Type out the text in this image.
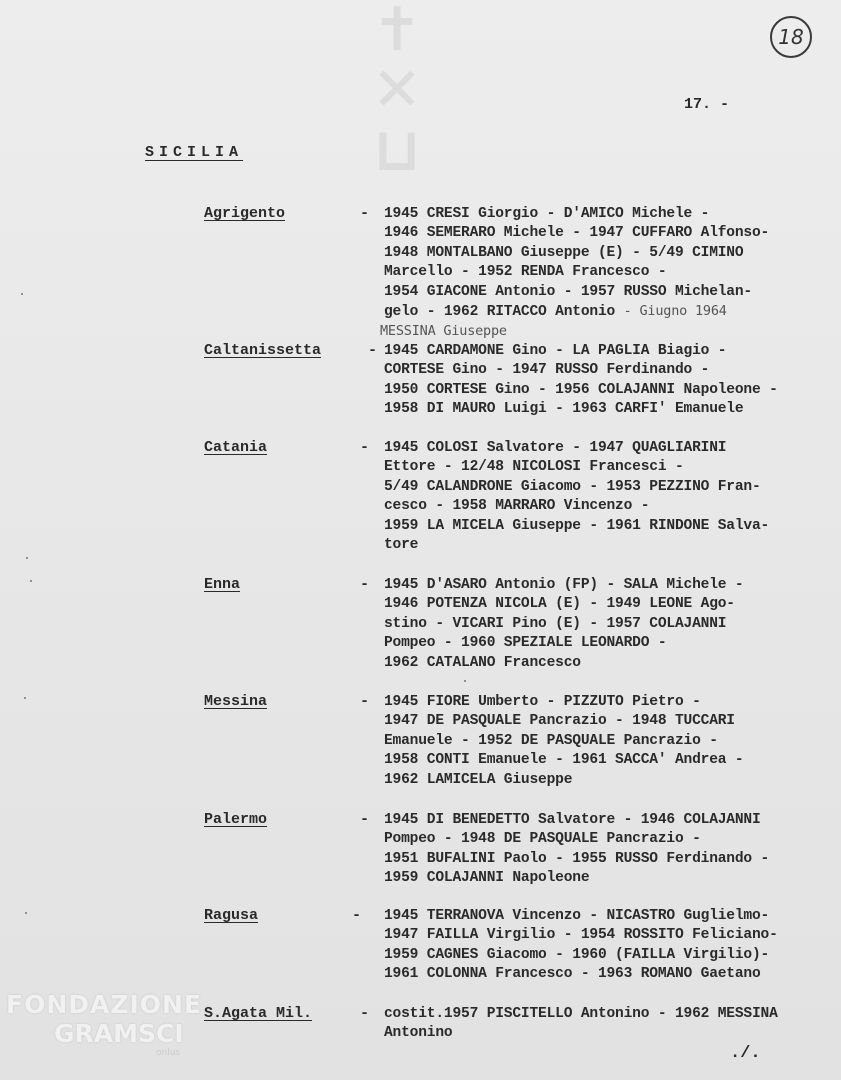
✝
✕
⊔
18
17. -
SICILIA
Agrigento	- 1945 CRESI Giorgio - D'AMICO Michele -
1946 SEMERARO Michele - 1947 CUFFARO Alfonso-
1948 MONTALBANO Giuseppe (E) - 5/49 CIMINO
Marcello - 1952 RENDA Francesco -
1954 GIACONE Antonio - 1957 RUSSO Michelan-
gelo - 1962 RITACCO Antonio - Giugno 1964
MESSINA Giuseppe
Caltanissetta	- 1945 CARDAMONE Gino - LA PAGLIA Biagio -
CORTESE Gino - 1947 RUSSO Ferdinando -
1950 CORTESE Gino - 1956 COLAJANNI Napoleone -
1958 DI MAURO Luigi - 1963 CARFI' Emanuele
Catania	- 1945 COLOSI Salvatore - 1947 QUAGLIARINI
Ettore - 12/48 NICOLOSI Francesci -
5/49 CALANDRONE Giacomo - 1953 PEZZINO Fran-
cesco - 1958 MARRARO Vincenzo -
1959 LA MICELA Giuseppe - 1961 RINDONE Salva-
tore
Enna	- 1945 D'ASARO Antonio (FP) - SALA Michele -
1946 POTENZA NICOLA (E) - 1949 LEONE Ago-
stino - VICARI Pino (E) - 1957 COLAJANNI
Pompeo - 1960 SPEZIALE LEONARDO -
1962 CATALANO Francesco
Messina	- 1945 FIORE Umberto - PIZZUTO Pietro -
1947 DE PASQUALE Pancrazio - 1948 TUCCARI
Emanuele - 1952 DE PASQUALE Pancrazio -
1958 CONTI Emanuele - 1961 SACCA' Andrea -
1962 LAMICELA Giuseppe
Palermo	- 1945 DI BENEDETTO Salvatore - 1946 COLAJANNI
Pompeo - 1948 DE PASQUALE Pancrazio -
1951 BUFALINI Paolo - 1955 RUSSO Ferdinando -
1959 COLAJANNI Napoleone
Ragusa	- 1945 TERRANOVA Vincenzo - NICASTRO Guglielmo-
1947 FAILLA Virgilio - 1954 ROSSITO Feliciano-
1959 CAGNES Giacomo - 1960 (FAILLA Virgilio)-
1961 COLONNA Francesco - 1963 ROMANO Gaetano
S.Agata Mil.	- costit.1957 PISCITELLO Antonino - 1962 MESSINA
Antonino
./.
FONDAZIONE
GRAMSCI
onlus
